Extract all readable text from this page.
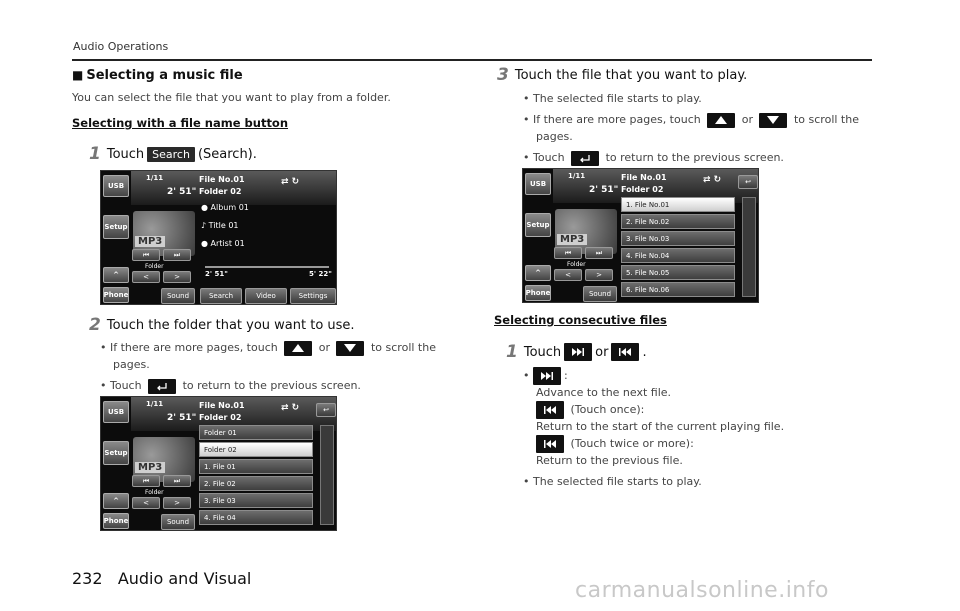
Audio Operations
■ Selecting a music file
You can select the file that you want to play from a folder.
Selecting with a file name button
1 Touch Search (Search).
USB
Setup
^
Phone
1/11
2' 51"
File No.01
Folder 02
⇄ ↻
MP3
● Album 01
♪ Title 01
● Artist 01
⏮	⏭
Folder
<	>	2' 51"	5' 22"
Sound	Search	Video	Settings
2 Touch the folder that you want to use.
• If there are more pages, touch	or	to scroll the
pages.
• Touch	to return to the previous screen.
USB
Setup
^
Phone
1/11
2' 51"
File No.01
Folder 02
⇄ ↻	↩
MP3
⏮	⏭
Folder
<	>
Sound
Folder 01
Folder 02
1. File 01
2. File 02
3. File 03
4. File 04
3 Touch the file that you want to play.
• The selected file starts to play.
• If there are more pages, touch	or	to scroll the
pages.
• Touch	to return to the previous screen.
USB
Setup
^
Phone
1/11
2' 51"
File No.01
Folder 02
⇄ ↻	↩
MP3
⏮	⏭
Folder
<	>
Sound
1. File No.01
2. File No.02
3. File No.03
4. File No.04
5. File No.05
6. File No.06
Selecting consecutive files
1 Touch	or	.
•	:
Advance to the next file.
(Touch once):
Return to the start of the current playing file.
(Touch twice or more):
Return to the previous file.
• The selected file starts to play.
232 Audio and Visual	carmanualsonline.info
